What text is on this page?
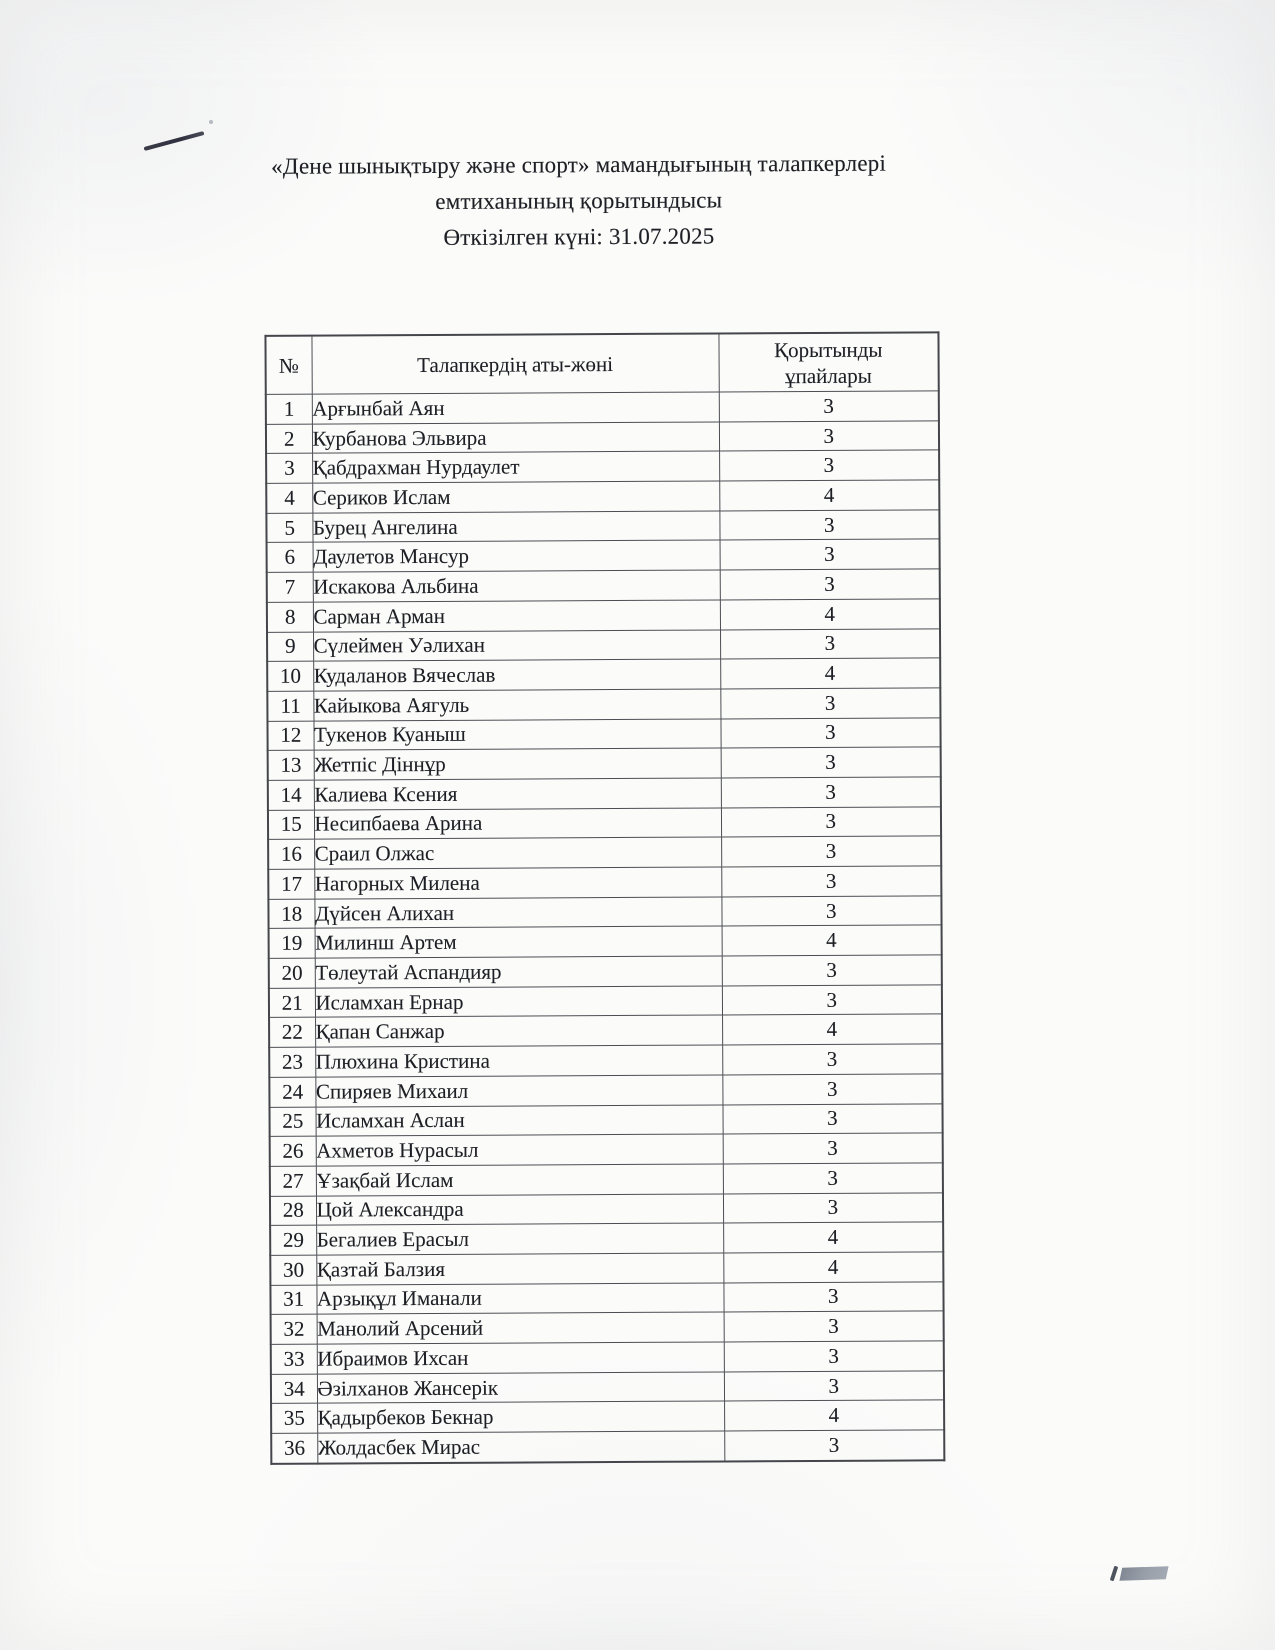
«Дене шынықтыру және спорт» мамандығының талапкерлері
емтиханының қорытындысы
Өткізілген күні: 31.07.2025
№	Талапкердің аты-жөні	Қорытынды
ұпайлары

1	Арғынбай Аян	3
2	Курбанова Эльвира	3
3	Қабдрахман Нурдаулет	3
4	Сериков Ислам	4
5	Бурец Ангелина	3
6	Даулетов Мансур	3
7	Искакова Альбина	3
8	Сарман Арман	4
9	Сүлеймен Уәлихан	3
10	Кудаланов Вячеслав	4
11	Кайыкова Аягуль	3
12	Тукенов Куаныш	3
13	Жетпіс Діннұр	3
14	Калиева Ксения	3
15	Несипбаева Арина	3
16	Сраил Олжас	3
17	Нагорных Милена	3
18	Дүйсен Алихан	3
19	Милинш Артем	4
20	Төлеутай Аспандияр	3
21	Исламхан Ернар	3
22	Қапан Санжар	4
23	Плюхина Кристина	3
24	Спиряев Михаил	3
25	Исламхан Аслан	3
26	Ахметов Нурасыл	3
27	Ұзақбай Ислам	3
28	Цой Александра	3
29	Бегалиев Ерасыл	4
30	Қазтай Балзия	4
31	Арзықұл Иманали	3
32	Манолий Арсений	3
33	Ибраимов Ихсан	3
34	Әзілханов Жансерік	3
35	Қадырбеков Бекнар	4
36	Жолдасбек Мирас	3
